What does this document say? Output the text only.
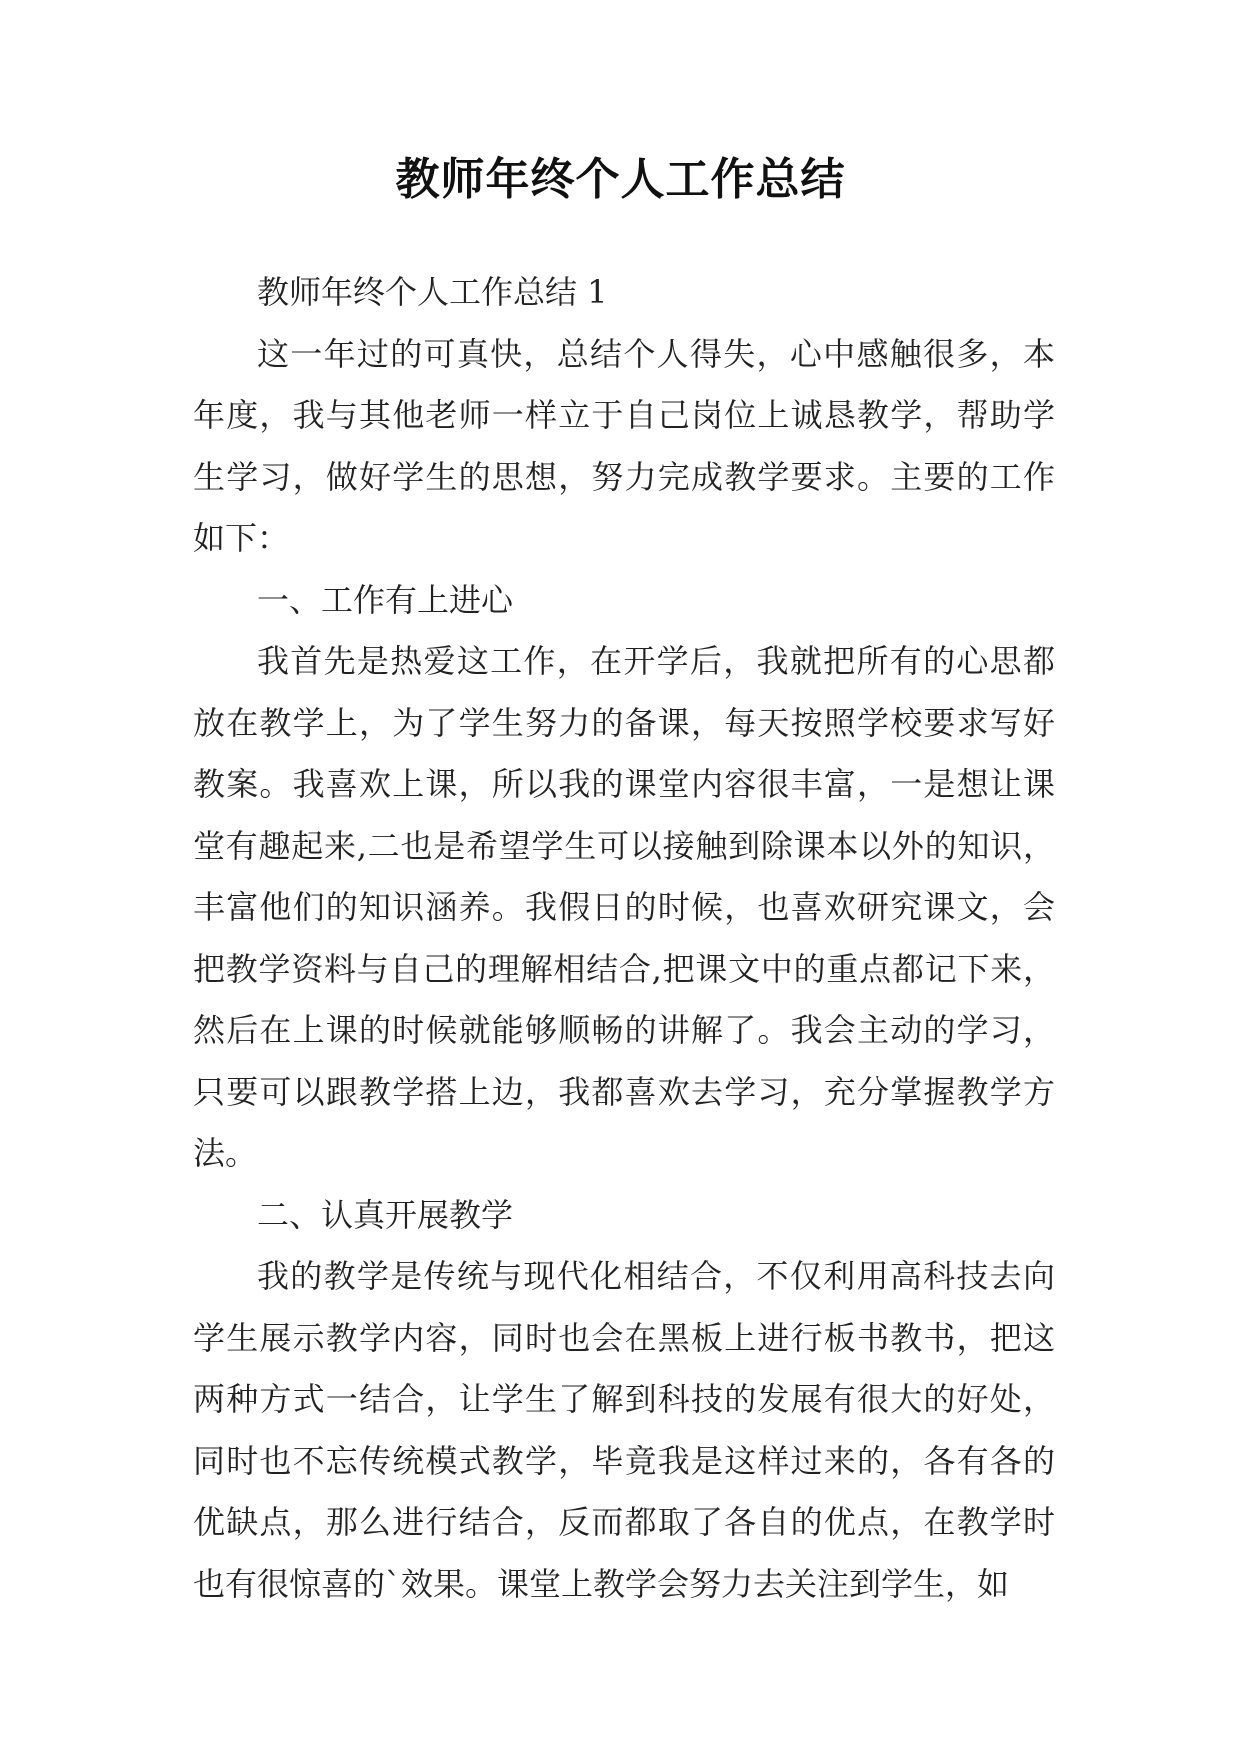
教师年终个人工作总结

教师年终个人工作总结 1

这一年过的可真快，总结个人得失，心中感触很多，本年度，我与其他老师一样立于自己岗位上诚恳教学，帮助学生学习，做好学生的思想，努力完成教学要求。主要的工作如下：

一、工作有上进心

我首先是热爱这工作，在开学后，我就把所有的心思都放在教学上，为了学生努力的备课，每天按照学校要求写好教案。我喜欢上课，所以我的课堂内容很丰富，一是想让课堂有趣起来,二也是希望学生可以接触到除课本以外的知识，丰富他们的知识涵养。我假日的时候，也喜欢研究课文，会把教学资料与自己的理解相结合,把课文中的重点都记下来，然后在上课的时候就能够顺畅的讲解了。我会主动的学习，只要可以跟教学搭上边，我都喜欢去学习，充分掌握教学方法。

二、认真开展教学

我的教学是传统与现代化相结合，不仅利用高科技去向学生展示教学内容，同时也会在黑板上进行板书教书，把这两种方式一结合，让学生了解到科技的发展有很大的好处，同时也不忘传统模式教学，毕竟我是这样过来的，各有各的优缺点，那么进行结合，反而都取了各自的优点，在教学时也有很惊喜的`效果。课堂上教学会努力去关注到学生，如
